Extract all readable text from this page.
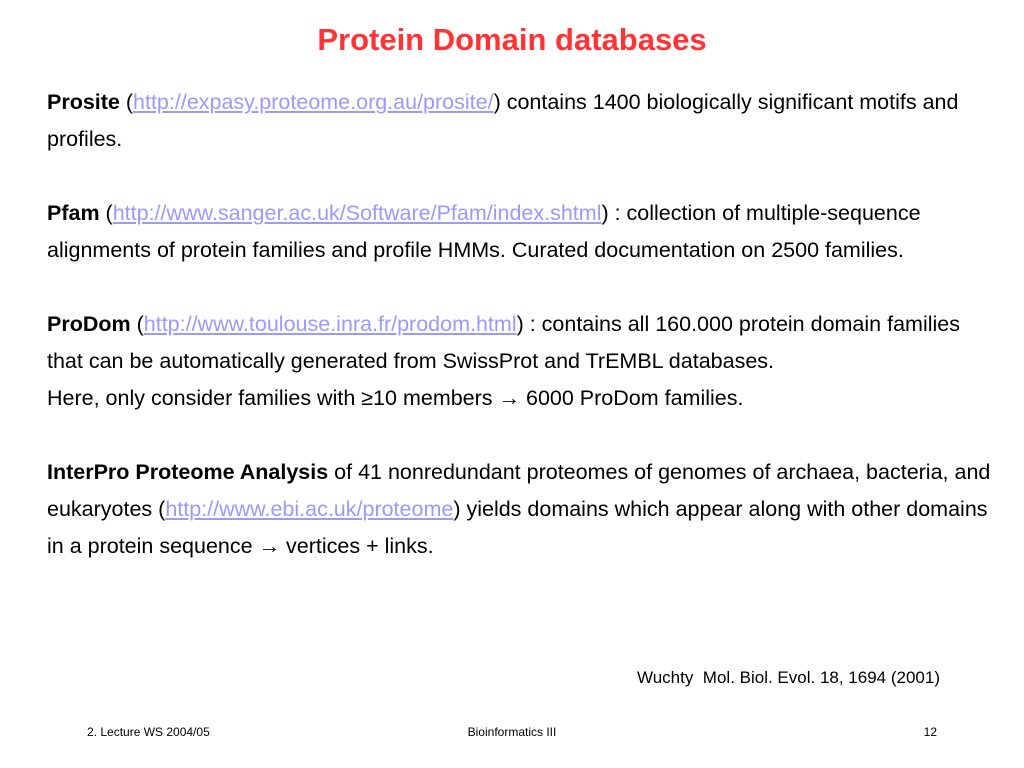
Protein Domain databases

Prosite (http://expasy.proteome.org.au/prosite/) contains 1400 biologically significant motifs and profiles.

Pfam (http://www.sanger.ac.uk/Software/Pfam/index.shtml) : collection of multiple-sequence alignments of protein families and profile HMMs. Curated documentation on 2500 families.

ProDom (http://www.toulouse.inra.fr/prodom.html) : contains all 160.000 protein domain families that can be automatically generated from SwissProt and TrEMBL databases.

Here, only consider families with ≥10 members → 6000 ProDom families.

InterPro Proteome Analysis of 41 nonredundant proteomes of genomes of archaea, bacteria, and eukaryotes (http://www.ebi.ac.uk/proteome) yields domains which appear along with other domains in a protein sequence → vertices + links.

Wuchty  Mol. Biol. Evol. 18, 1694 (2001)
2. Lecture WS 2004/05	Bioinformatics III	12
